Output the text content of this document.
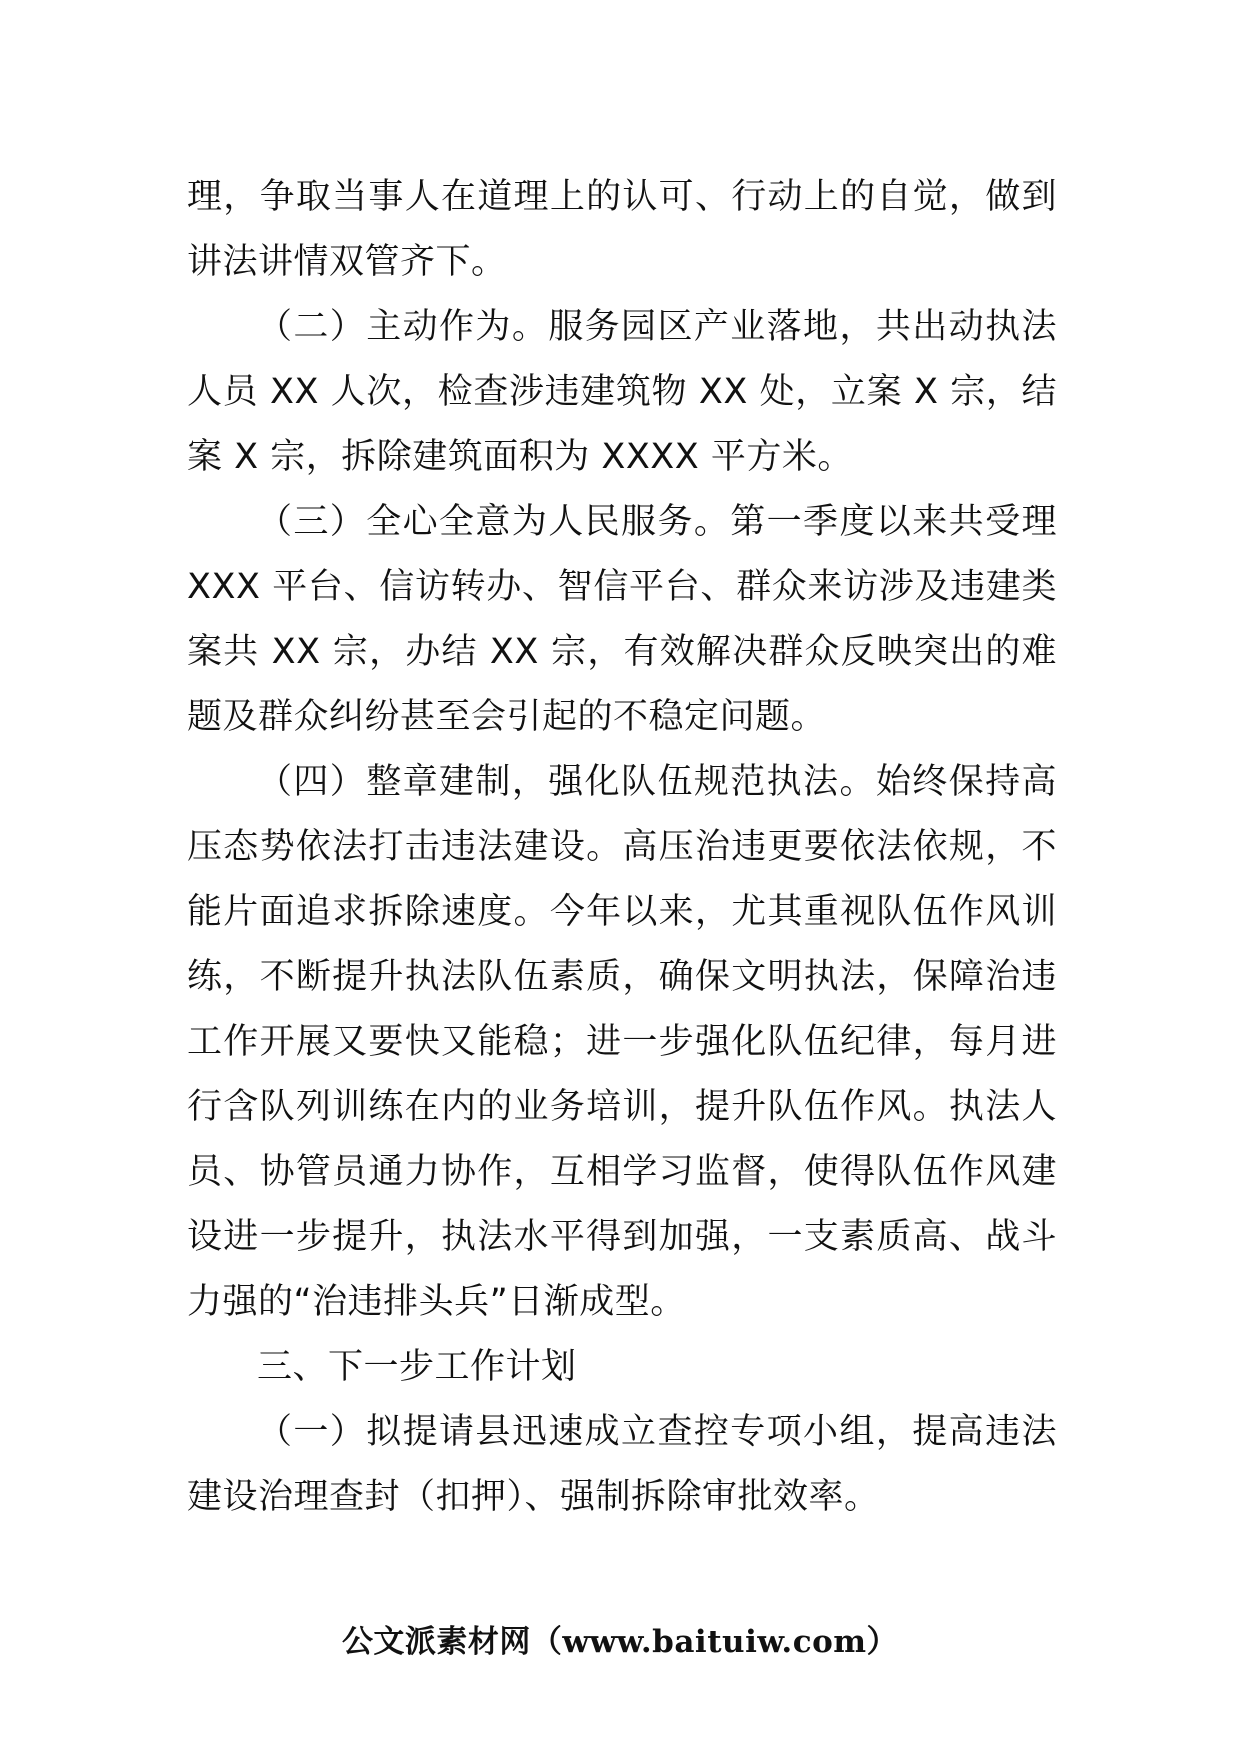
理，争取当事人在道理上的认可、行动上的自觉，做到讲法讲情双管齐下。

（二）主动作为。服务园区产业落地，共出动执法人员 XX 人次，检查涉违建筑物 XX 处，立案 X 宗，结案 X 宗，拆除建筑面积为 XXXX 平方米。

（三）全心全意为人民服务。第一季度以来共受理 XXX 平台、信访转办、智信平台、群众来访涉及违建类案共 XX 宗，办结 XX 宗，有效解决群众反映突出的难题及群众纠纷甚至会引起的不稳定问题。

（四）整章建制，强化队伍规范执法。始终保持高压态势依法打击违法建设。高压治违更要依法依规，不能片面追求拆除速度。今年以来，尤其重视队伍作风训练，不断提升执法队伍素质，确保文明执法，保障治违工作开展又要快又能稳；进一步强化队伍纪律，每月进行含队列训练在内的业务培训，提升队伍作风。执法人员、协管员通力协作，互相学习监督，使得队伍作风建设进一步提升，执法水平得到加强，一支素质高、战斗力强的“治违排头兵”日渐成型。

三、下一步工作计划

（一）拟提请县迅速成立查控专项小组，提高违法建设治理查封（扣押）、强制拆除审批效率。

公文派素材网（www.baituiw.com）
